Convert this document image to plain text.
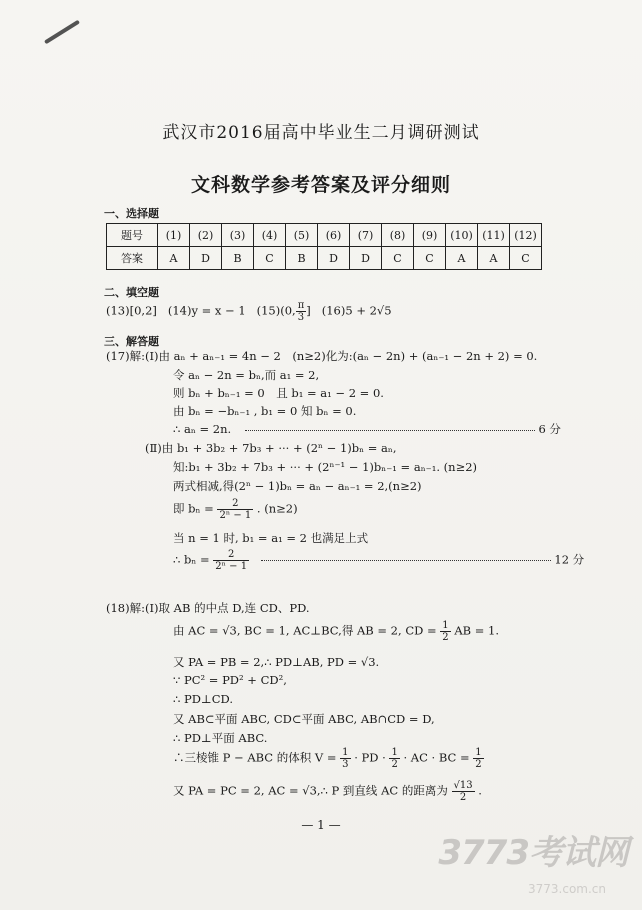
武汉市2016届高中毕业生二月调研测试
文科数学参考答案及评分细则
一、选择题
题号	(1)	(2)	(3)	(4)	(5)	(6)	(7)	(8)	(9)	(10)	(11)	(12)
答案	A	D	B	C	B	D	D	C	C	A	A	C
二、填空题
(13)[0,2] (14)y = x − 1 (15)(0, $\frac{\pi}{3}$ ] (16)5 + 2√5
三、解答题
(17)解:(Ⅰ)由 aₙ + aₙ₋₁ = 4n − 2　(n≥2)化为:(aₙ − 2n) + (aₙ₋₁ − 2n + 2) = 0.
令 aₙ − 2n = bₙ,而 a₁ = 2,
则 bₙ + bₙ₋₁ = 0　且 b₁ = a₁ − 2 = 0.
由 bₙ = −bₙ₋₁ , b₁ = 0 知 bₙ = 0.
∴ aₙ = 2n.	6 分
(Ⅱ)由 b₁ + 3b₂ + 7b₃ + ··· + (2ⁿ − 1)bₙ = aₙ,
知:b₁ + 3b₂ + 7b₃ + ··· + (2ⁿ⁻¹ − 1)bₙ₋₁ = aₙ₋₁. (n≥2)
两式相减,得(2ⁿ − 1)bₙ = aₙ − aₙ₋₁ = 2,(n≥2)
即 $b_n = \frac{2}{\text{2ⁿ − 1}}$ . (n≥2)
当 n = 1 时, b₁ = a₁ = 2 也满足上式
∴ $b_n = \frac{2}{\text{2ⁿ − 1}}$	12 分
(18)解:(Ⅰ)取 AB 的中点 D,连 CD、PD.
由 AC = √3, BC = 1, AC⊥BC,得 AB = 2, CD = $\frac{1}{2}$ AB = 1.
又 PA = PB = 2,∴ PD⊥AB, PD = √3.
∵ PC² = PD² + CD²,
∴ PD⊥CD.
又 AB⊂平面 ABC, CD⊂平面 ABC, AB∩CD = D,
∴ PD⊥平面 ABC.
∴三棱锥 P − ABC 的体积 $V = \frac{1}{3}$ · PD · $\frac{1}{2}$ · AC · BC = $\frac{1}{2}$
又 PA = PC = 2, AC = √3,∴ P 到直线 AC 的距离为 $\frac{√13}{2}$ .
— 1 —
3773考试网
3773.com.cn
